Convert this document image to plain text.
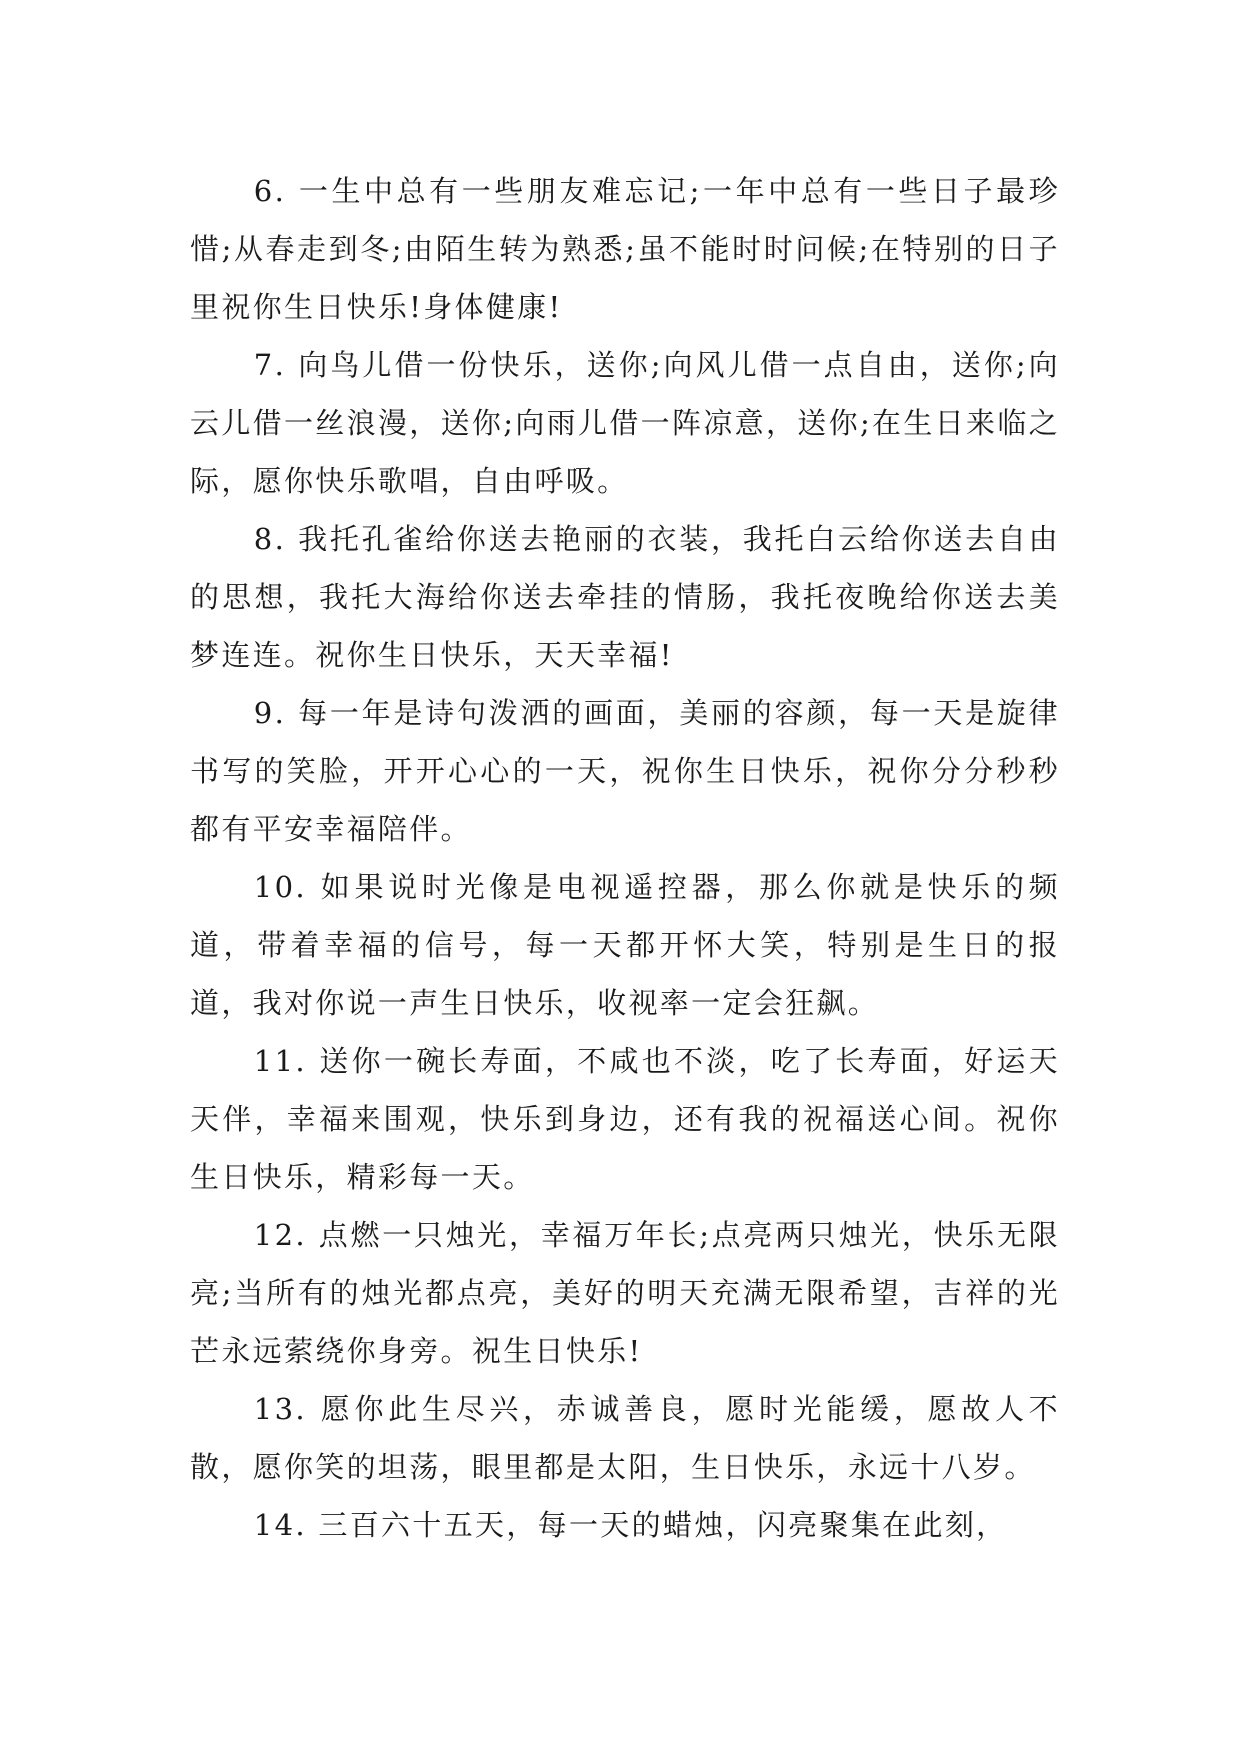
6. 一生中总有一些朋友难忘记;一年中总有一些日子最珍惜;从春走到冬;由陌生转为熟悉;虽不能时时问候;在特别的日子里祝你生日快乐!身体健康!

7. 向鸟儿借一份快乐，送你;向风儿借一点自由，送你;向云儿借一丝浪漫，送你;向雨儿借一阵凉意，送你;在生日来临之际，愿你快乐歌唱，自由呼吸。

8. 我托孔雀给你送去艳丽的衣装，我托白云给你送去自由的思想，我托大海给你送去牵挂的情肠，我托夜晚给你送去美梦连连。祝你生日快乐，天天幸福!

9. 每一年是诗句泼洒的画面，美丽的容颜，每一天是旋律书写的笑脸，开开心心的一天，祝你生日快乐，祝你分分秒秒都有平安幸福陪伴。

10. 如果说时光像是电视遥控器，那么你就是快乐的频道，带着幸福的信号，每一天都开怀大笑，特别是生日的报道，我对你说一声生日快乐，收视率一定会狂飙。

11. 送你一碗长寿面，不咸也不淡，吃了长寿面，好运天天伴，幸福来围观，快乐到身边，还有我的祝福送心间。祝你生日快乐，精彩每一天。

12. 点燃一只烛光，幸福万年长;点亮两只烛光，快乐无限亮;当所有的烛光都点亮，美好的明天充满无限希望，吉祥的光芒永远萦绕你身旁。祝生日快乐!

13. 愿你此生尽兴，赤诚善良，愿时光能缓，愿故人不散，愿你笑的坦荡，眼里都是太阳，生日快乐，永远十八岁。

14. 三百六十五天，每一天的蜡烛，闪亮聚集在此刻，
